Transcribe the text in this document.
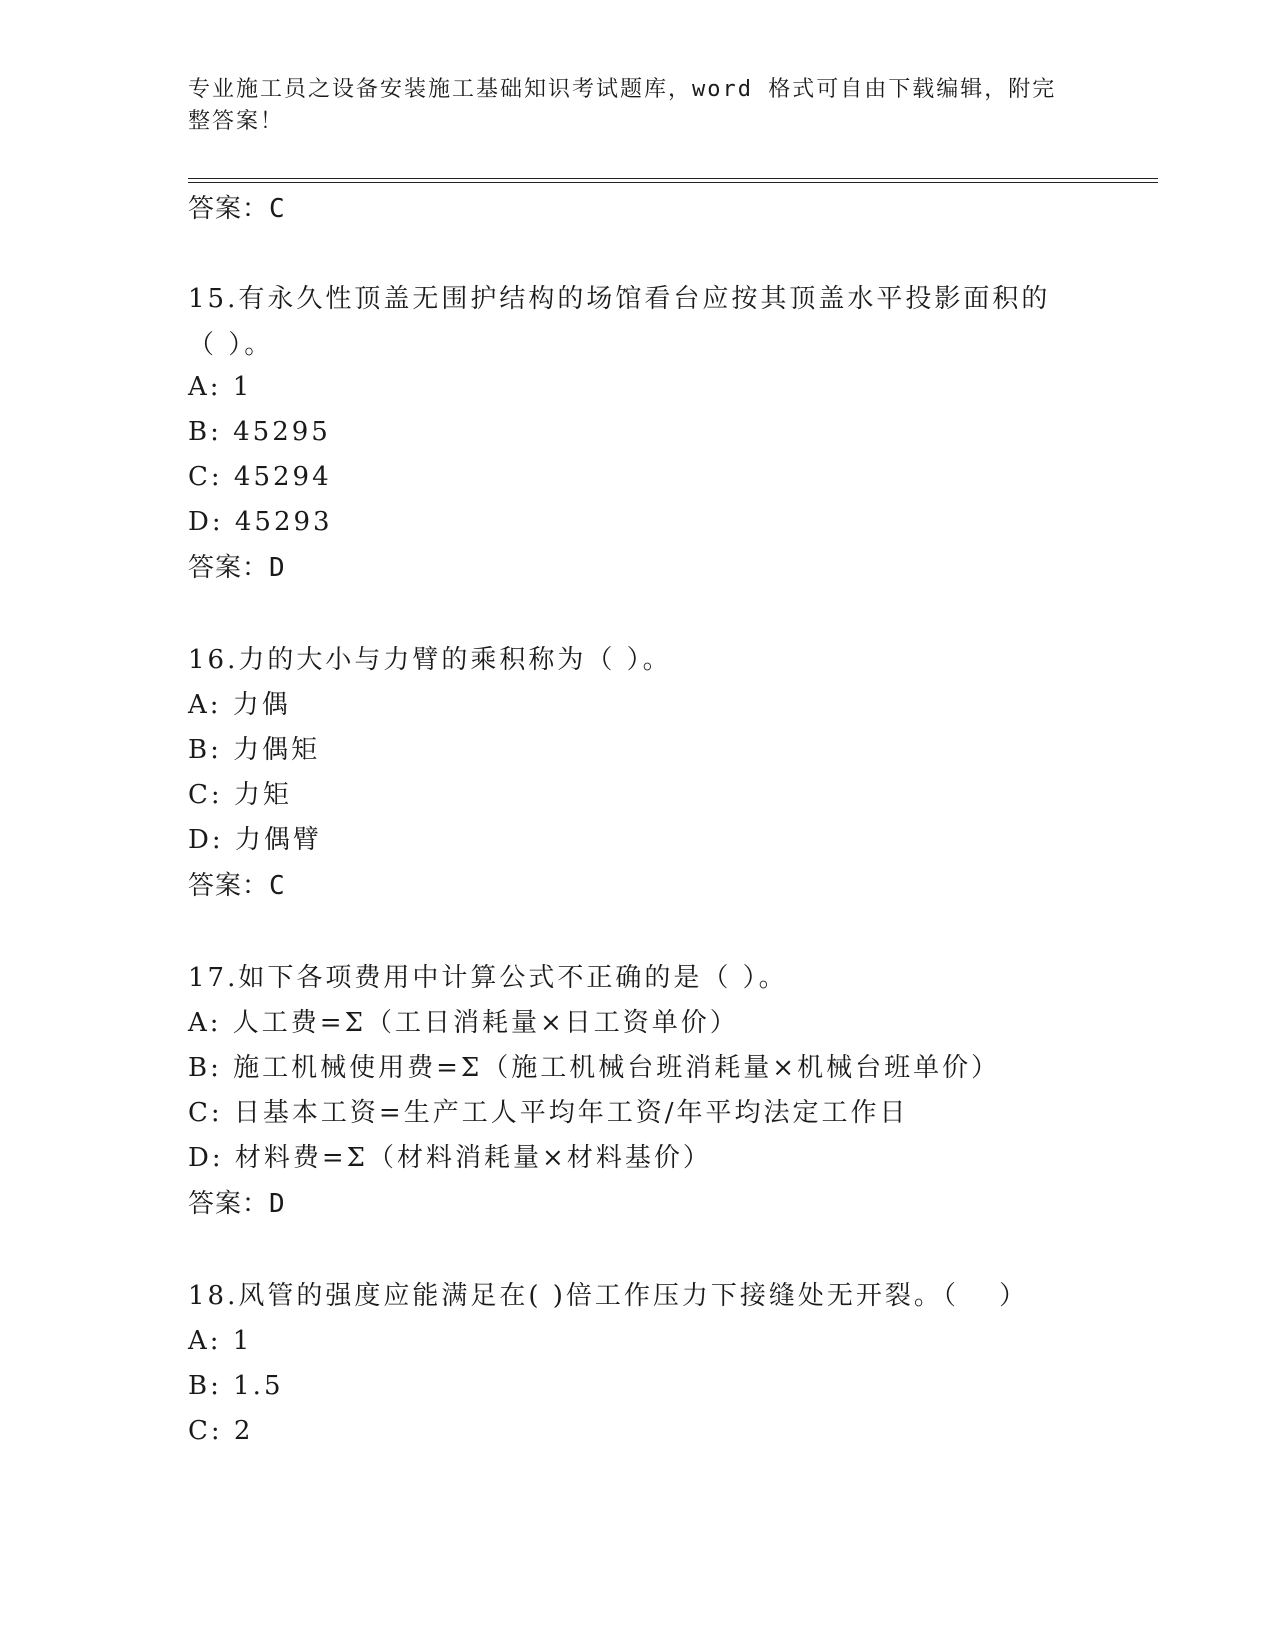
专业施工员之设备安装施工基础知识考试题库，word 格式可自由下载编辑，附完整答案！
答案：C
15.有永久性顶盖无围护结构的场馆看台应按其顶盖水平投影面积的（ ）。
A: 1
B: 45295
C: 45294
D: 45293
答案：D
16.力的大小与力臂的乘积称为（ ）。
A: 力偶
B: 力偶矩
C: 力矩
D: 力偶臂
答案：C
17.如下各项费用中计算公式不正确的是（ ）。
A: 人工费=Σ（工日消耗量×日工资单价）
B: 施工机械使用费=Σ（施工机械台班消耗量×机械台班单价）
C: 日基本工资=生产工人平均年工资/年平均法定工作日
D: 材料费=Σ（材料消耗量×材料基价）
答案：D
18.风管的强度应能满足在( )倍工作压力下接缝处无开裂。（　 ）
A: 1
B: 1.5
C: 2
